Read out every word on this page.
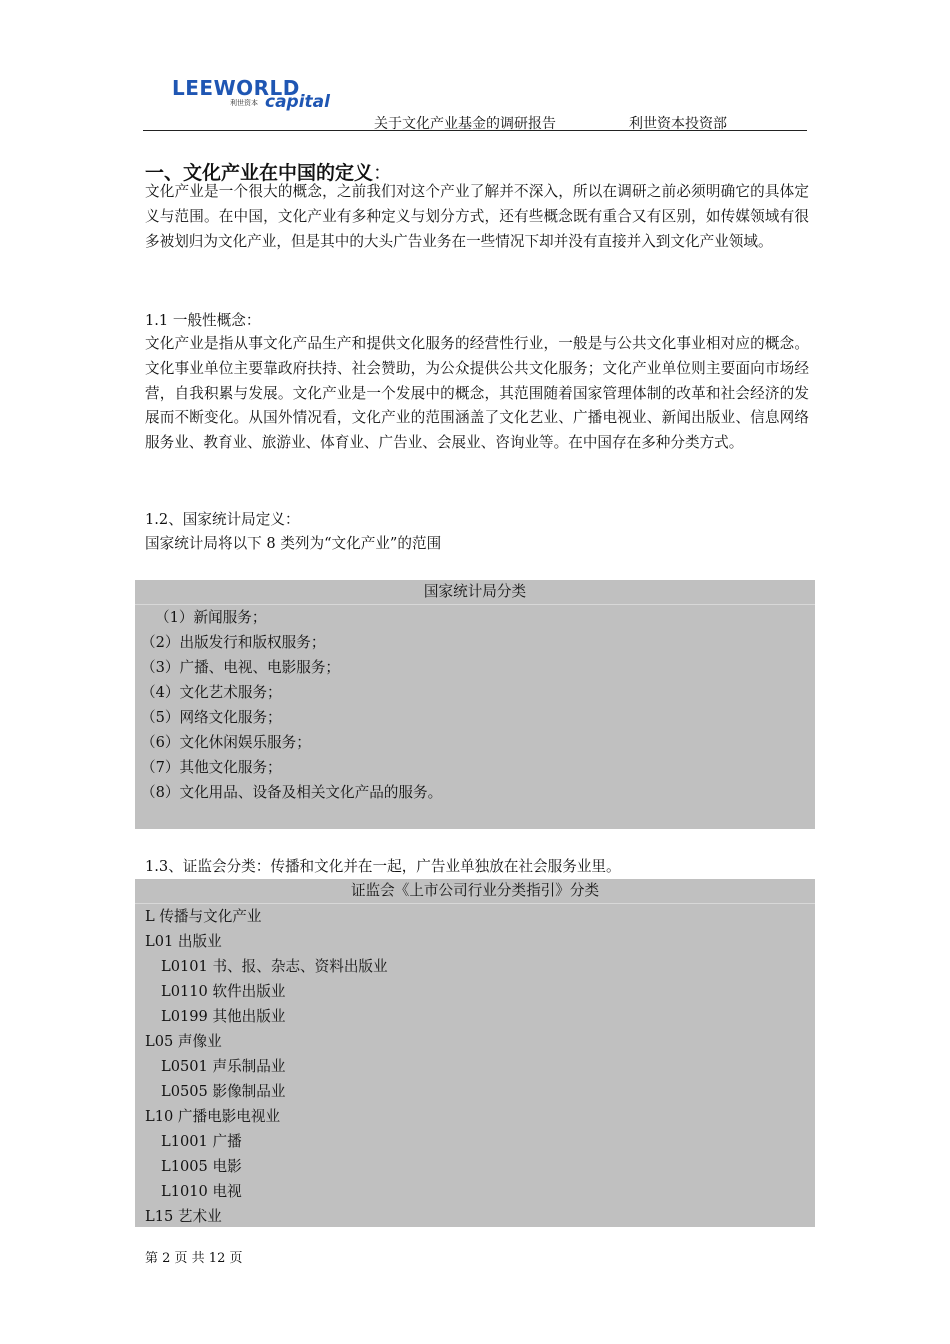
LEEWORLD
利世资本 capital
关于文化产业基金的调研报告	利世资本投资部
一、文化产业在中国的定义：
文化产业是一个很大的概念，之前我们对这个产业了解并不深入，所以在调研之前必须明确它的具体定义与范围。在中国，文化产业有多种定义与划分方式，还有些概念既有重合又有区别，如传媒领域有很多被划归为文化产业，但是其中的大头广告业务在一些情况下却并没有直接并入到文化产业领域。
1.1 一般性概念：
文化产业是指从事文化产品生产和提供文化服务的经营性行业，一般是与公共文化事业相对应的概念。文化事业单位主要靠政府扶持、社会赞助，为公众提供公共文化服务；文化产业单位则主要面向市场经营，自我积累与发展。文化产业是一个发展中的概念，其范围随着国家管理体制的改革和社会经济的发展而不断变化。从国外情况看，文化产业的范围涵盖了文化艺业、广播电视业、新闻出版业、信息网络服务业、教育业、旅游业、体育业、广告业、会展业、咨询业等。在中国存在多种分类方式。
1.2、国家统计局定义：
国家统计局将以下 8 类列为“文化产业”的范围
国家统计局分类
（1）新闻服务；
（2）出版发行和版权服务；
（3）广播、电视、电影服务；
（4）文化艺术服务；
（5）网络文化服务；
（6）文化休闲娱乐服务；
（7）其他文化服务；
（8）文化用品、设备及相关文化产品的服务。
1.3、证监会分类：传播和文化并在一起，广告业单独放在社会服务业里。
证监会《上市公司行业分类指引》分类
L 传播与文化产业
L01 出版业
L0101 书、报、杂志、资料出版业
L0110 软件出版业
L0199 其他出版业
L05 声像业
L0501 声乐制品业
L0505 影像制品业
L10 广播电影电视业
L1001 广播
L1005 电影
L1010 电视
L15 艺术业
第 2 页 共 12 页
